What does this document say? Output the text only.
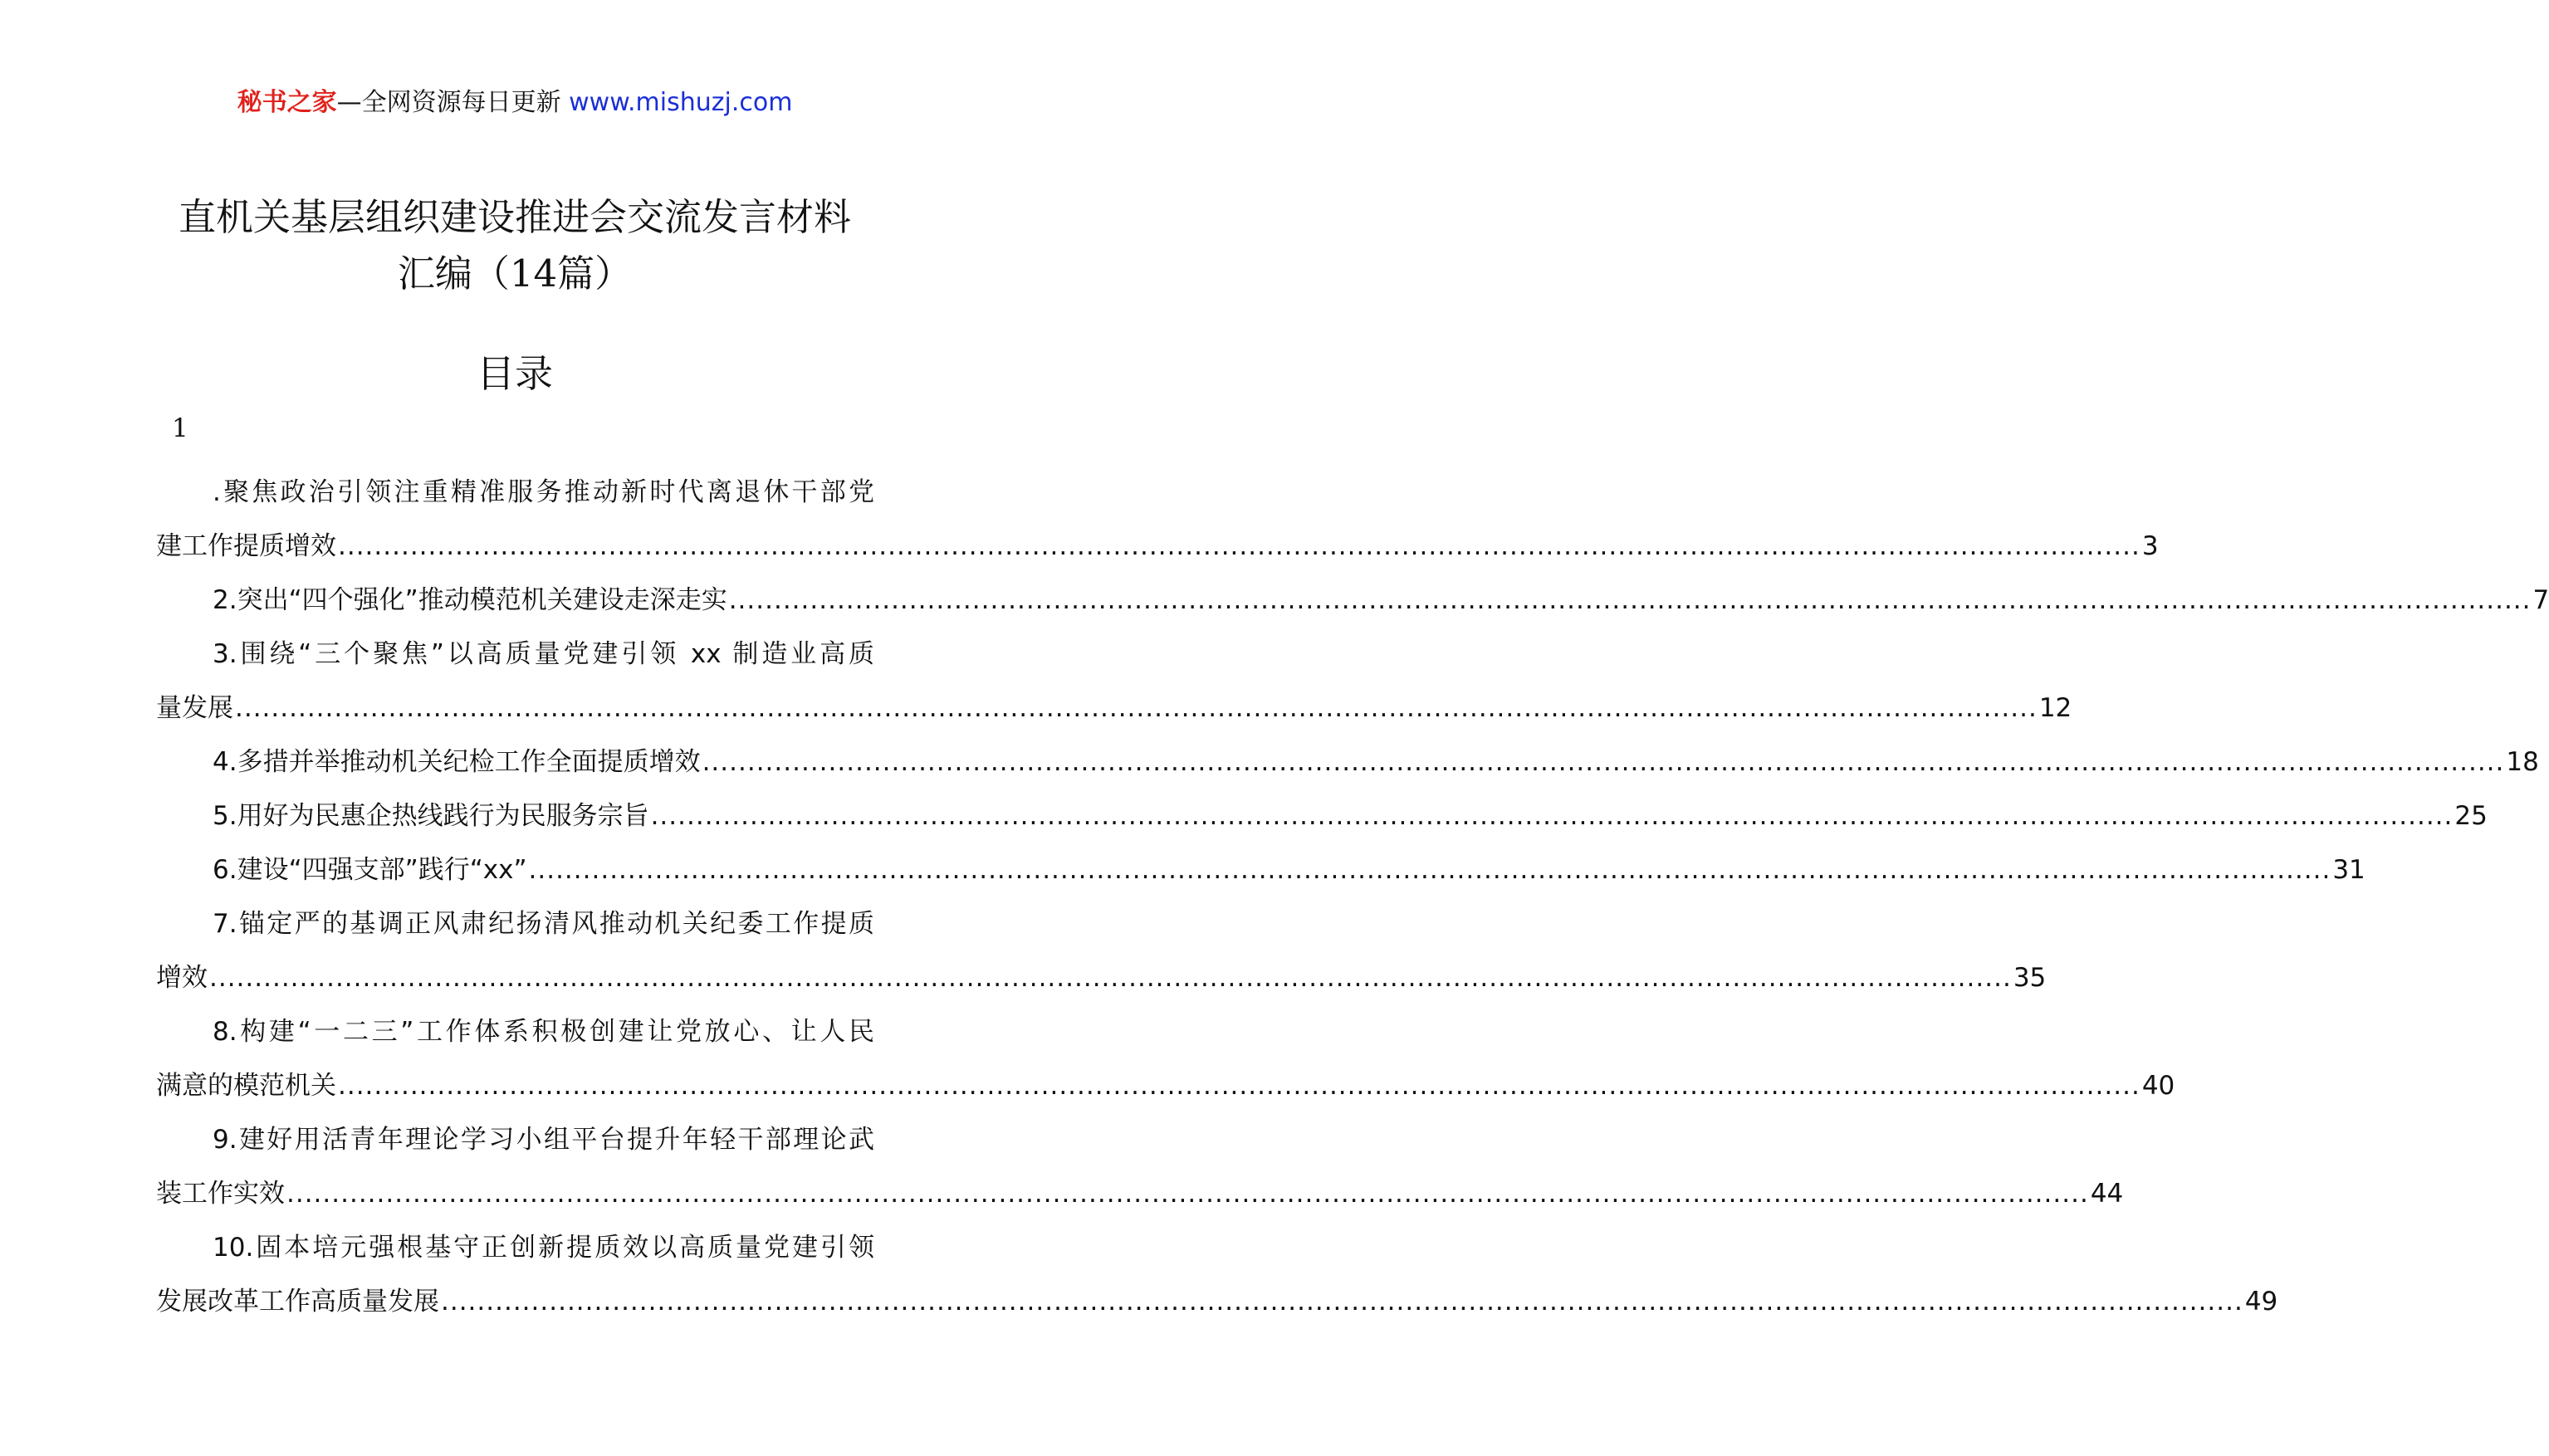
秘书之家—全网资源每日更新 www.mishuzj.com
直机关基层组织建设推进会交流发言材料
汇编（14篇）
目录
1
.聚焦政治引领注重精准服务推动新时代离退休干部党
建工作提质增效 ........................................................................................................................................................................................................ 3
2.突出“四个强化”推动模范机关建设走深走实 ........................................................................................................................................................................................................ 7
3.围绕“三个聚焦”以高质量党建引领 xx 制造业高质
量发展 ........................................................................................................................................................................................................ 12
4.多措并举推动机关纪检工作全面提质增效 ........................................................................................................................................................................................................ 18
5.用好为民惠企热线践行为民服务宗旨 ........................................................................................................................................................................................................ 25
6.建设“四强支部”践行“xx” ........................................................................................................................................................................................................ 31
7.锚定严的基调正风肃纪扬清风推动机关纪委工作提质
增效 ........................................................................................................................................................................................................ 35
8.构建“一二三”工作体系积极创建让党放心、让人民
满意的模范机关 ........................................................................................................................................................................................................ 40
9.建好用活青年理论学习小组平台提升年轻干部理论武
装工作实效 ........................................................................................................................................................................................................ 44
10.固本培元强根基守正创新提质效以高质量党建引领
发展改革工作高质量发展 ........................................................................................................................................................................................................ 49
